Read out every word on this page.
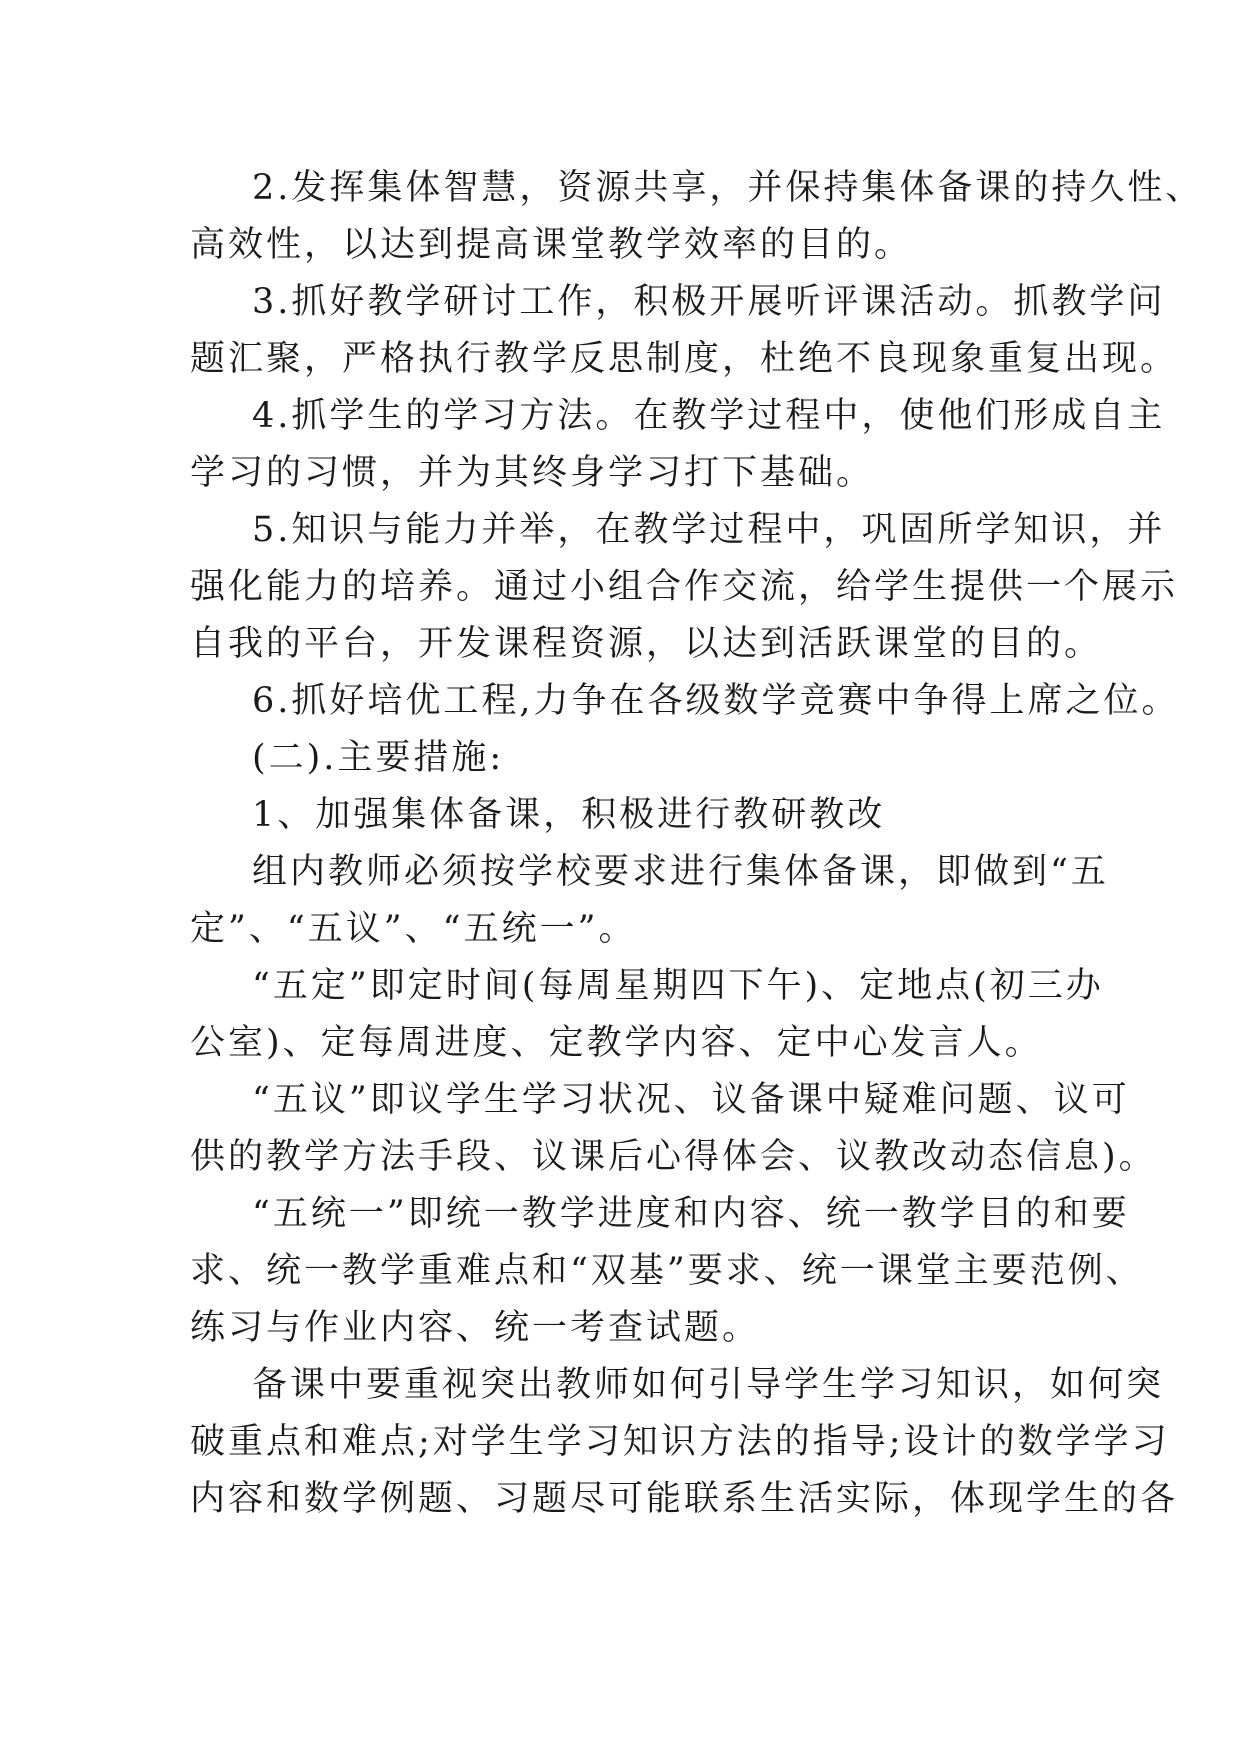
2.发挥集体智慧，资源共享，并保持集体备课的持久性、
高效性，以达到提高课堂教学效率的目的。
3.抓好教学研讨工作，积极开展听评课活动。抓教学问
题汇聚，严格执行教学反思制度，杜绝不良现象重复出现。
4.抓学生的学习方法。在教学过程中，使他们形成自主
学习的习惯，并为其终身学习打下基础。
5.知识与能力并举，在教学过程中，巩固所学知识，并
强化能力的培养。通过小组合作交流，给学生提供一个展示
自我的平台，开发课程资源，以达到活跃课堂的目的。
6.抓好培优工程,力争在各级数学竞赛中争得上席之位。
(二).主要措施:
1、加强集体备课，积极进行教研教改
组内教师必须按学校要求进行集体备课，即做到“五
定”、“五议”、“五统一”。
“五定”即定时间(每周星期四下午)、定地点(初三办
公室)、定每周进度、定教学内容、定中心发言人。
“五议”即议学生学习状况、议备课中疑难问题、议可
供的教学方法手段、议课后心得体会、议教改动态信息)。
“五统一”即统一教学进度和内容、统一教学目的和要
求、统一教学重难点和“双基”要求、统一课堂主要范例、
练习与作业内容、统一考查试题。
备课中要重视突出教师如何引导学生学习知识，如何突
破重点和难点;对学生学习知识方法的指导;设计的数学学习
内容和数学例题、习题尽可能联系生活实际，体现学生的各
